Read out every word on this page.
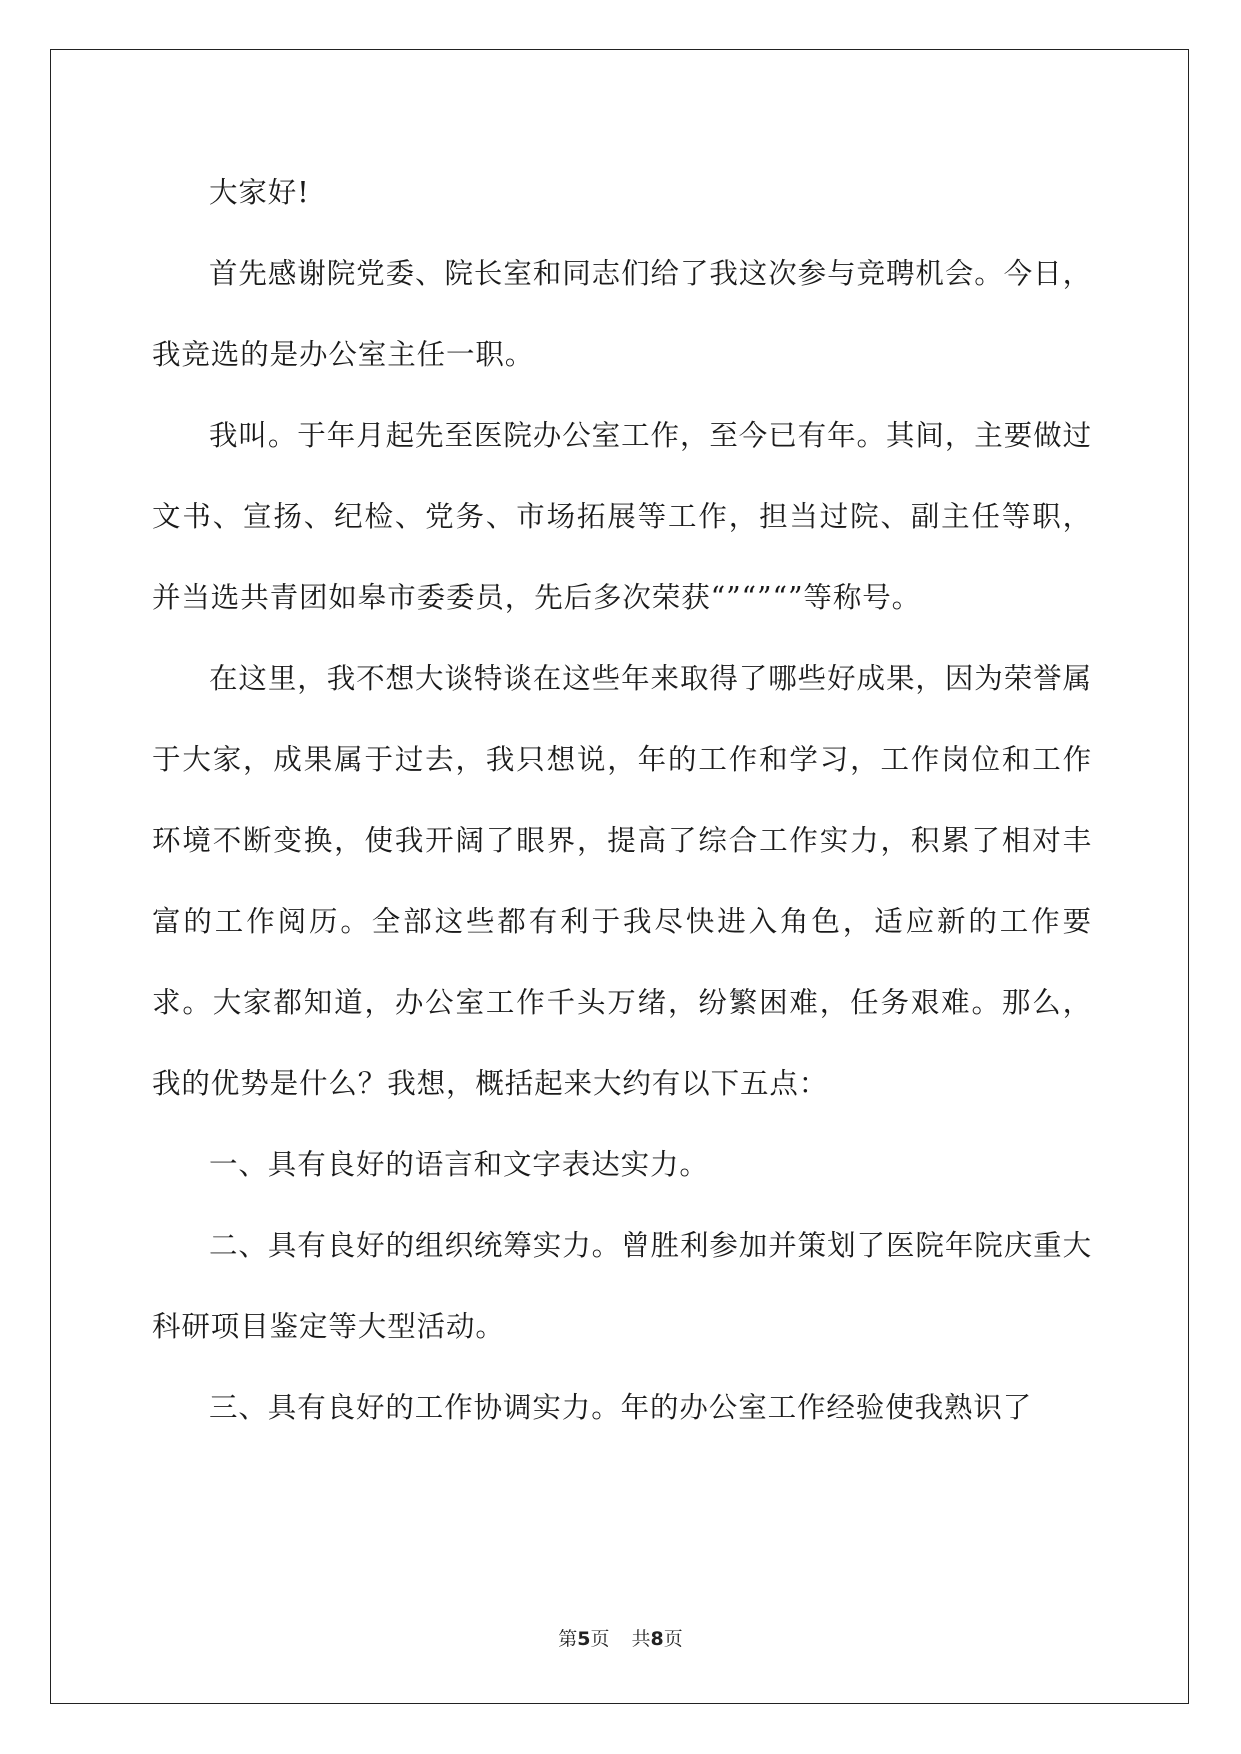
大家好!

首先感谢院党委、院长室和同志们给了我这次参与竞聘机会。今日，我竞选的是办公室主任一职。

我叫。于年月起先至医院办公室工作，至今已有年。其间，主要做过文书、宣扬、纪检、党务、市场拓展等工作，担当过院、副主任等职，并当选共青团如皋市委委员，先后多次荣获“”“”“”等称号。

在这里，我不想大谈特谈在这些年来取得了哪些好成果，因为荣誉属于大家，成果属于过去，我只想说，年的工作和学习，工作岗位和工作环境不断变换，使我开阔了眼界，提高了综合工作实力，积累了相对丰富的工作阅历。全部这些都有利于我尽快进入角色，适应新的工作要求。大家都知道，办公室工作千头万绪，纷繁困难，任务艰难。那么，我的优势是什么？我想，概括起来大约有以下五点：

一、具有良好的语言和文字表达实力。

二、具有良好的组织统筹实力。曾胜利参加并策划了医院年院庆重大科研项目鉴定等大型活动。

三、具有良好的工作协调实力。年的办公室工作经验使我熟识了

第5页 共8页
